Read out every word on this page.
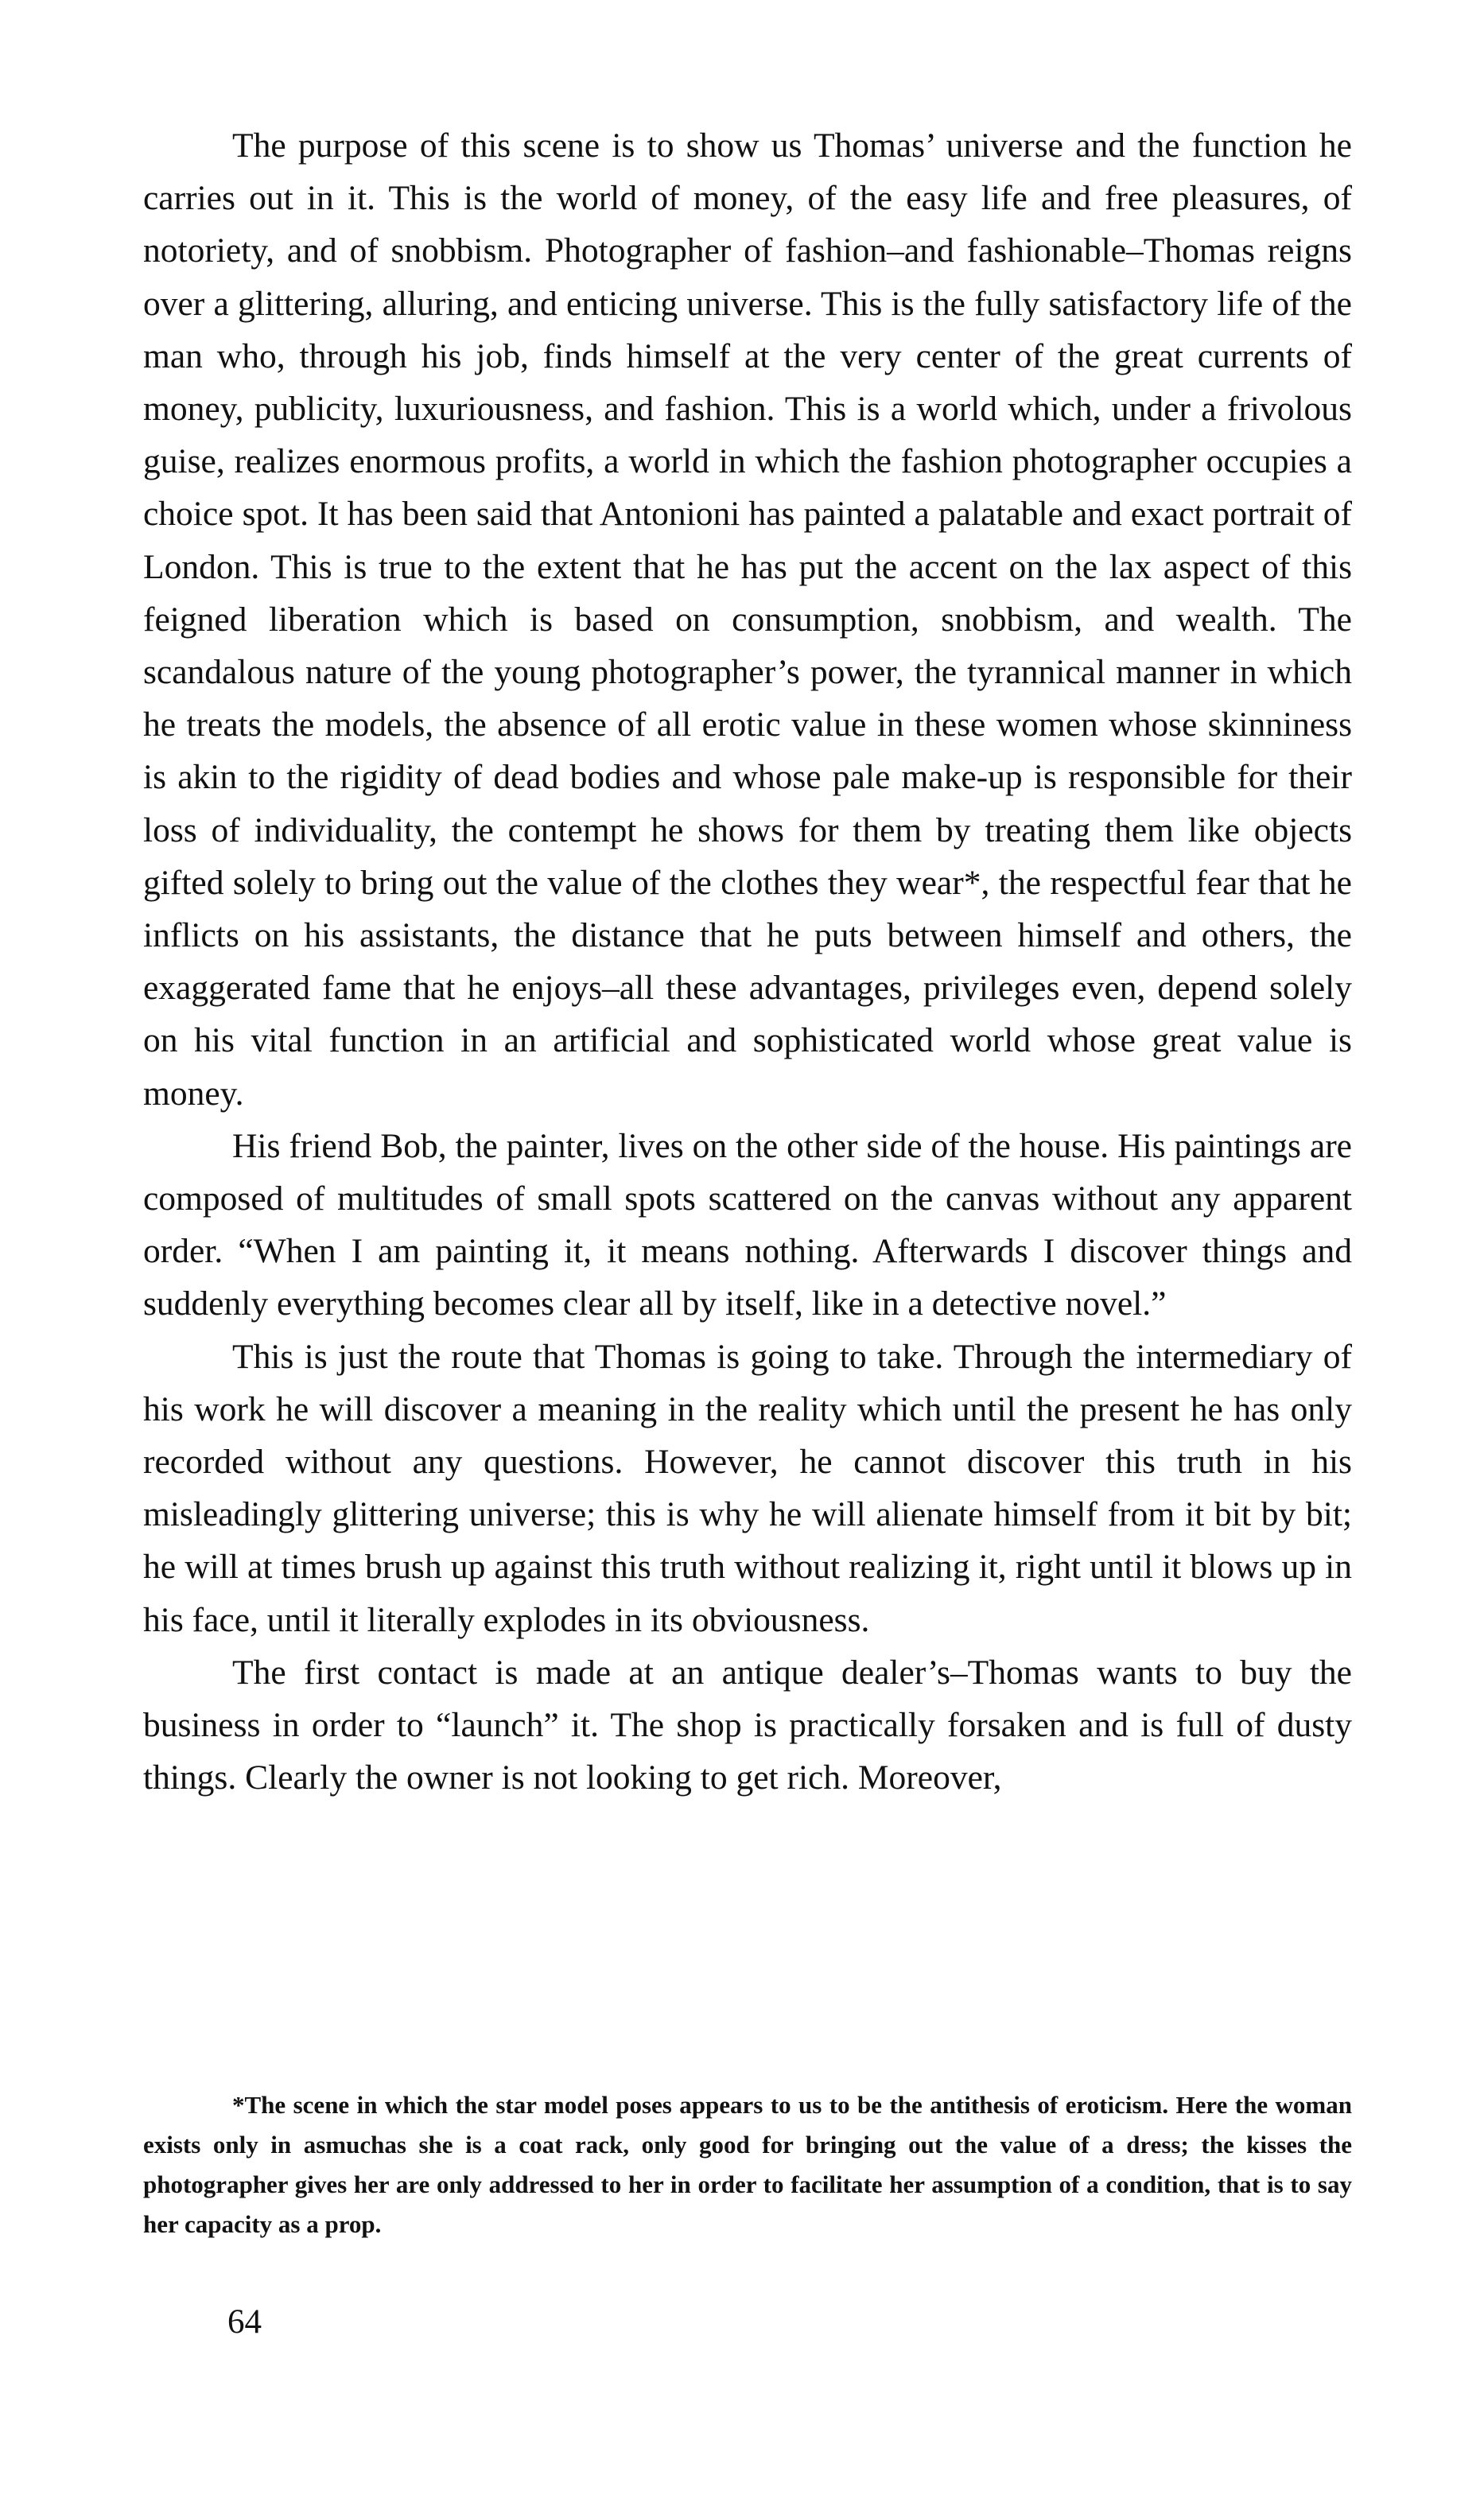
The purpose of this scene is to show us Thomas’ universe and the function he carries out in it. This is the world of money, of the easy life and free pleasures, of notoriety, and of snobbism. Photographer of fashion–and fashionable–Thomas reigns over a glittering, alluring, and enticing universe. This is the fully satisfactory life of the man who, through his job, finds himself at the very center of the great currents of money, publicity, luxuriousness, and fashion. This is a world which, under a frivolous guise, realizes enormous profits, a world in which the fashion photographer occupies a choice spot. It has been said that Antonioni has painted a palatable and exact portrait of London. This is true to the extent that he has put the accent on the lax aspect of this feigned liberation which is based on consumption, snobbism, and wealth. The scandalous nature of the young photographer’s power, the tyrannical manner in which he treats the models, the absence of all erotic value in these women whose skinniness is akin to the rigidity of dead bodies and whose pale make-up is responsible for their loss of individuality, the contempt he shows for them by treating them like objects gifted solely to bring out the value of the clothes they wear*, the respectful fear that he inflicts on his assistants, the distance that he puts between himself and others, the exaggerated fame that he enjoys–all these advantages, privileges even, depend solely on his vital function in an artificial and sophisticated world whose great value is money.

His friend Bob, the painter, lives on the other side of the house. His paintings are composed of multitudes of small spots scattered on the canvas without any apparent order. “When I am painting it, it means nothing. Afterwards I discover things and suddenly everything becomes clear all by itself, like in a detective novel.”

This is just the route that Thomas is going to take. Through the intermediary of his work he will discover a meaning in the reality which until the present he has only recorded without any questions. However, he cannot discover this truth in his misleadingly glittering universe; this is why he will alienate himself from it bit by bit; he will at times brush up against this truth without realizing it, right until it blows up in his face, until it literally explodes in its obviousness.

The first contact is made at an antique dealer’s–Thomas wants to buy the business in order to “launch” it. The shop is practically forsaken and is full of dusty things. Clearly the owner is not looking to get rich. Moreover,

*The scene in which the star model poses appears to us to be the antithesis of eroticism. Here the woman exists only in asmuchas she is a coat rack, only good for bringing out the value of a dress; the kisses the photographer gives her are only addressed to her in order to facilitate her assumption of a condition, that is to say her capacity as a prop.

64
